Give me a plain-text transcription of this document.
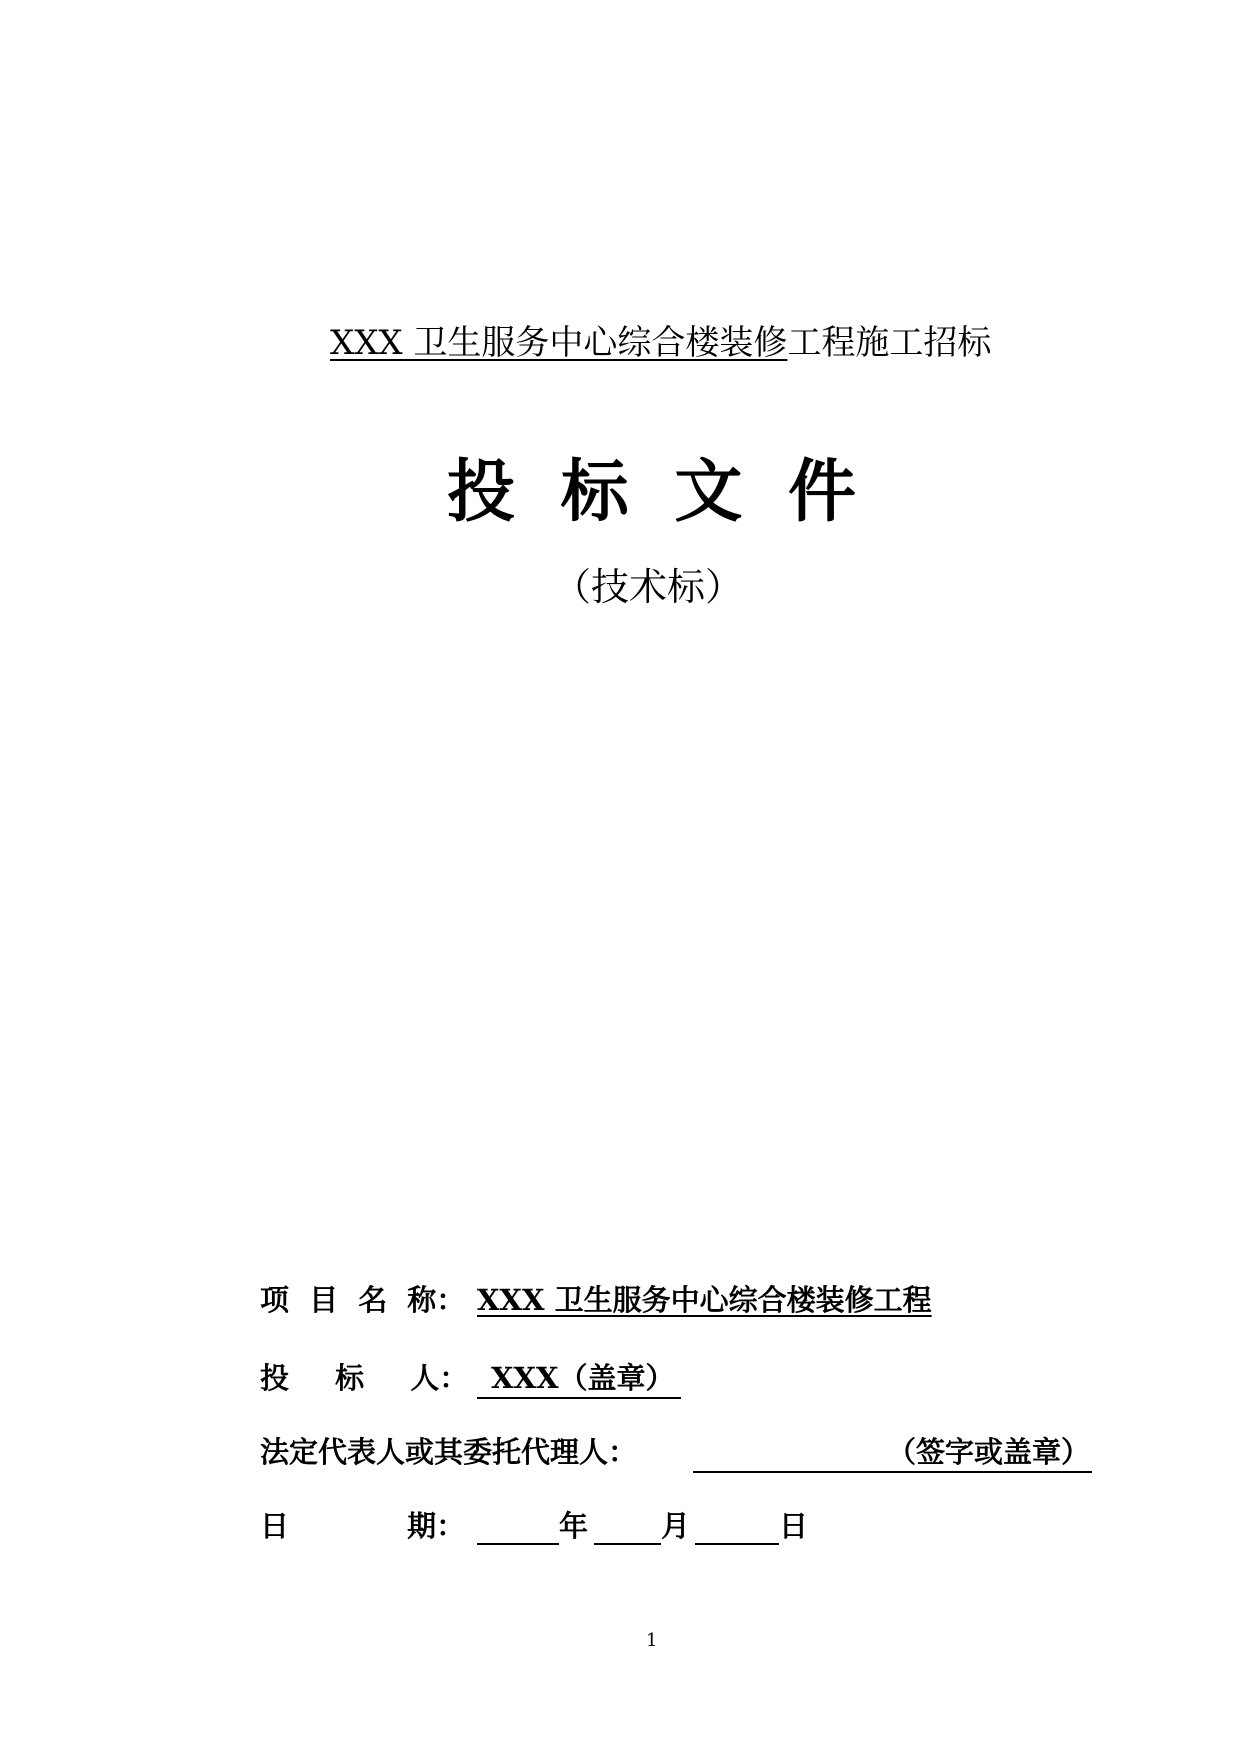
XXX 卫生服务中心综合楼装修工程施工招标
投 标 文 件
（技术标）
项 目 名 称： XXX 卫生服务中心综合楼装修工程
投 标 人： XXX（盖章）
法定代表人或其委托代理人：	（签字或盖章）
日 期：	年	月	日
1
